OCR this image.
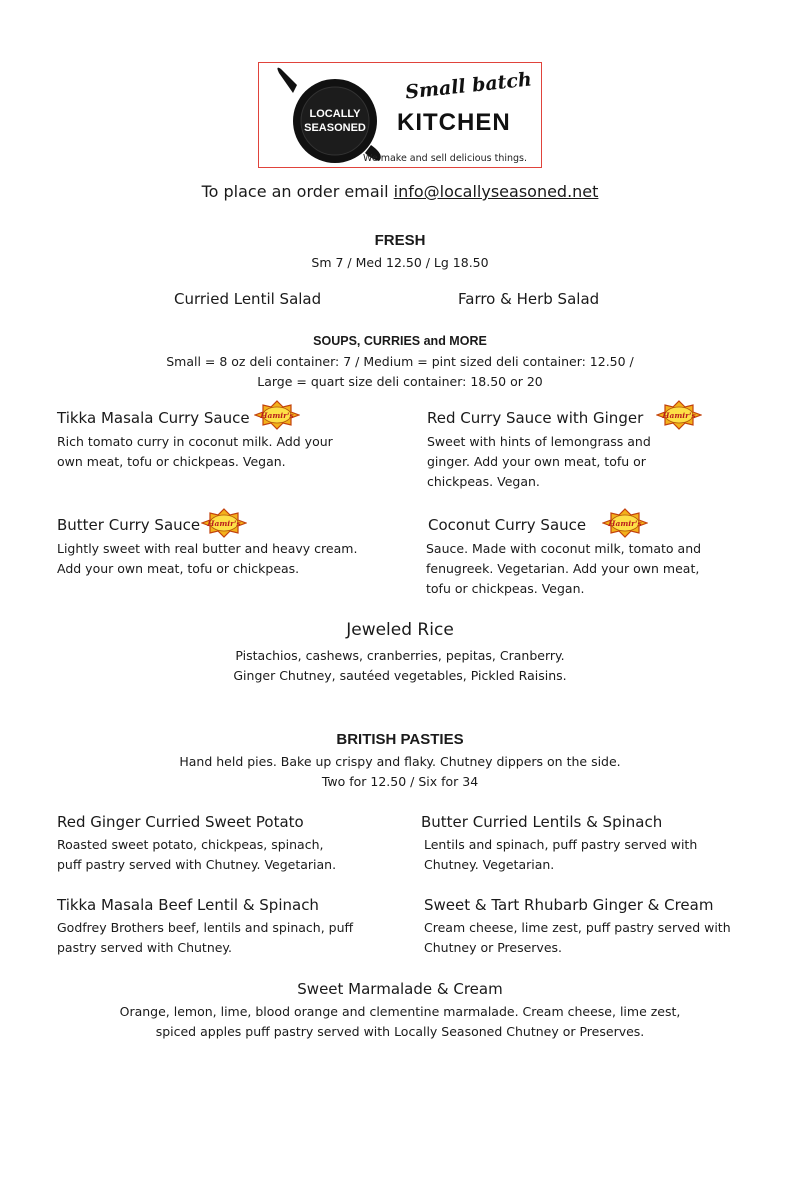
LOCALLY
SEASONED
Small batch
KITCHEN
We make and sell delicious things.
To place an order email info@locallyseasoned.net
FRESH
Sm 7 / Med 12.50 / Lg 18.50
Curried Lentil Salad	Farro & Herb Salad
SOUPS, CURRIES and MORE
Small = 8 oz deli container: 7 / Medium = pint sized deli container: 12.50 /
Large = quart size deli container: 18.50 or 20
Tikka Masala Curry Sauce Hamir's
Rich tomato curry in coconut milk. Add your
own meat, tofu or chickpeas. Vegan.
Red Curry Sauce with Ginger	Hamir's
Sweet with hints of lemongrass and
ginger. Add your own meat, tofu or
chickpeas. Vegan.
Butter Curry Sauce Hamir's
Lightly sweet with real butter and heavy cream.
Add your own meat, tofu or chickpeas.
Coconut Curry Sauce	Hamir's
Sauce. Made with coconut milk, tomato and
fenugreek. Vegetarian. Add your own meat,
tofu or chickpeas. Vegan.
Jeweled Rice
Pistachios, cashews, cranberries, pepitas, Cranberry.
Ginger Chutney, sautéed vegetables, Pickled Raisins.
BRITISH PASTIES
Hand held pies. Bake up crispy and flaky. Chutney dippers on the side.
Two for 12.50 / Six for 34
Red Ginger Curried Sweet Potato
Roasted sweet potato, chickpeas, spinach,
puff pastry served with Chutney. Vegetarian.
Butter Curried Lentils & Spinach
Lentils and spinach, puff pastry served with
Chutney. Vegetarian.
Tikka Masala Beef Lentil & Spinach
Godfrey Brothers beef, lentils and spinach, puff
pastry served with Chutney.
Sweet & Tart Rhubarb Ginger & Cream
Cream cheese, lime zest, puff pastry served with
Chutney or Preserves.
Sweet Marmalade & Cream
Orange, lemon, lime, blood orange and clementine marmalade. Cream cheese, lime zest,
spiced apples puff pastry served with Locally Seasoned Chutney or Preserves.
